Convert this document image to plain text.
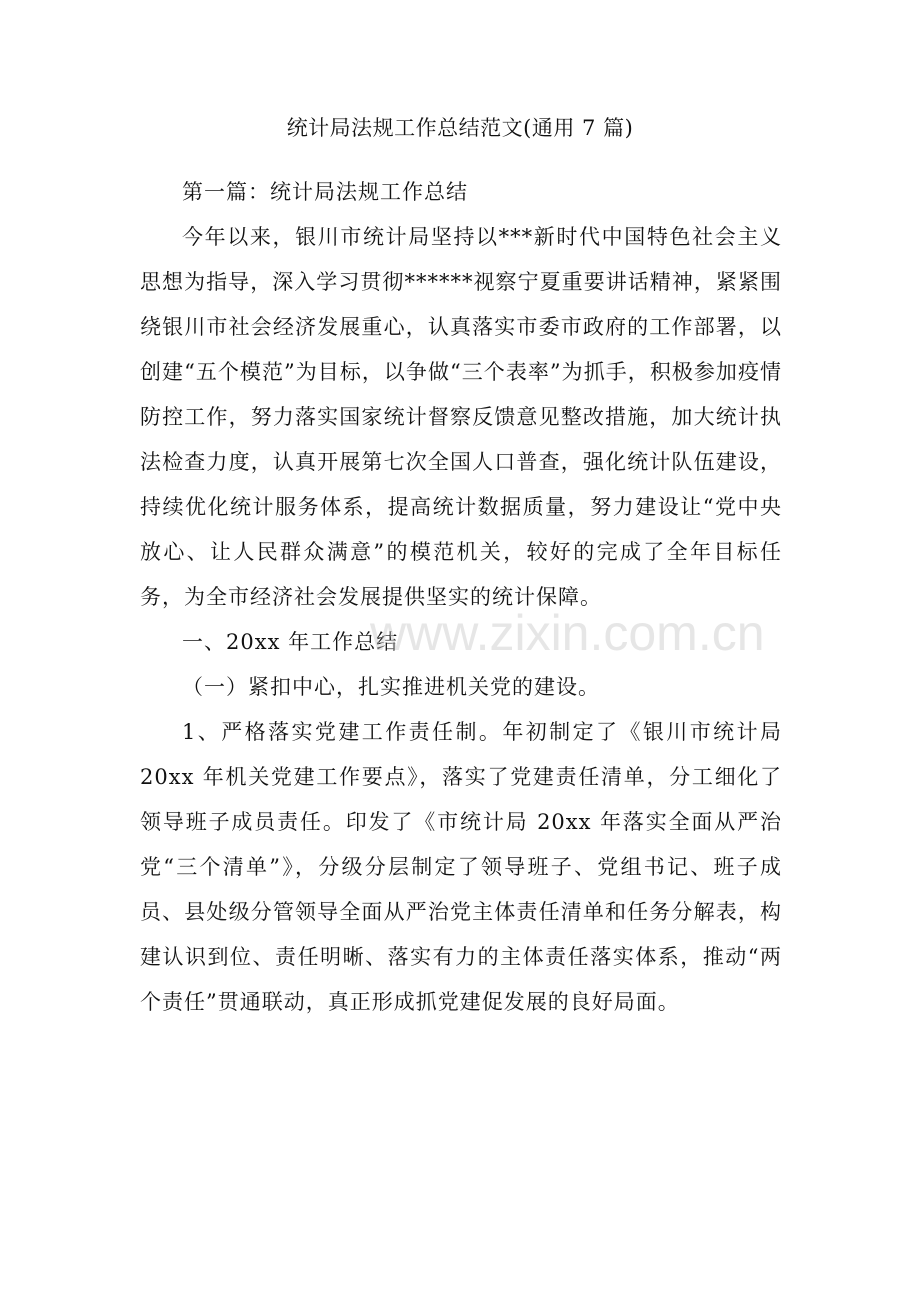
统计局法规工作总结范文(通用 7 篇)

第一篇：统计局法规工作总结

今年以来，银川市统计局坚持以***新时代中国特色社会主义思想为指导，深入学习贯彻******视察宁夏重要讲话精神，紧紧围绕银川市社会经济发展重心，认真落实市委市政府的工作部署，以创建“五个模范”为目标，以争做“三个表率”为抓手，积极参加疫情防控工作，努力落实国家统计督察反馈意见整改措施，加大统计执法检查力度，认真开展第七次全国人口普查，强化统计队伍建设，持续优化统计服务体系，提高统计数据质量，努力建设让“党中央放心、让人民群众满意”的模范机关，较好的完成了全年目标任务，为全市经济社会发展提供坚实的统计保障。

一、20xx 年工作总结

（一）紧扣中心，扎实推进机关党的建设。

1、严格落实党建工作责任制。年初制定了《银川市统计局 20xx 年机关党建工作要点》，落实了党建责任清单，分工细化了领导班子成员责任。印发了《市统计局 20xx 年落实全面从严治党“三个清单”》，分级分层制定了领导班子、党组书记、班子成员、县处级分管领导全面从严治党主体责任清单和任务分解表，构建认识到位、责任明晰、落实有力的主体责任落实体系，推动“两个责任”贯通联动，真正形成抓党建促发展的良好局面。

www.zixin.com.cn
